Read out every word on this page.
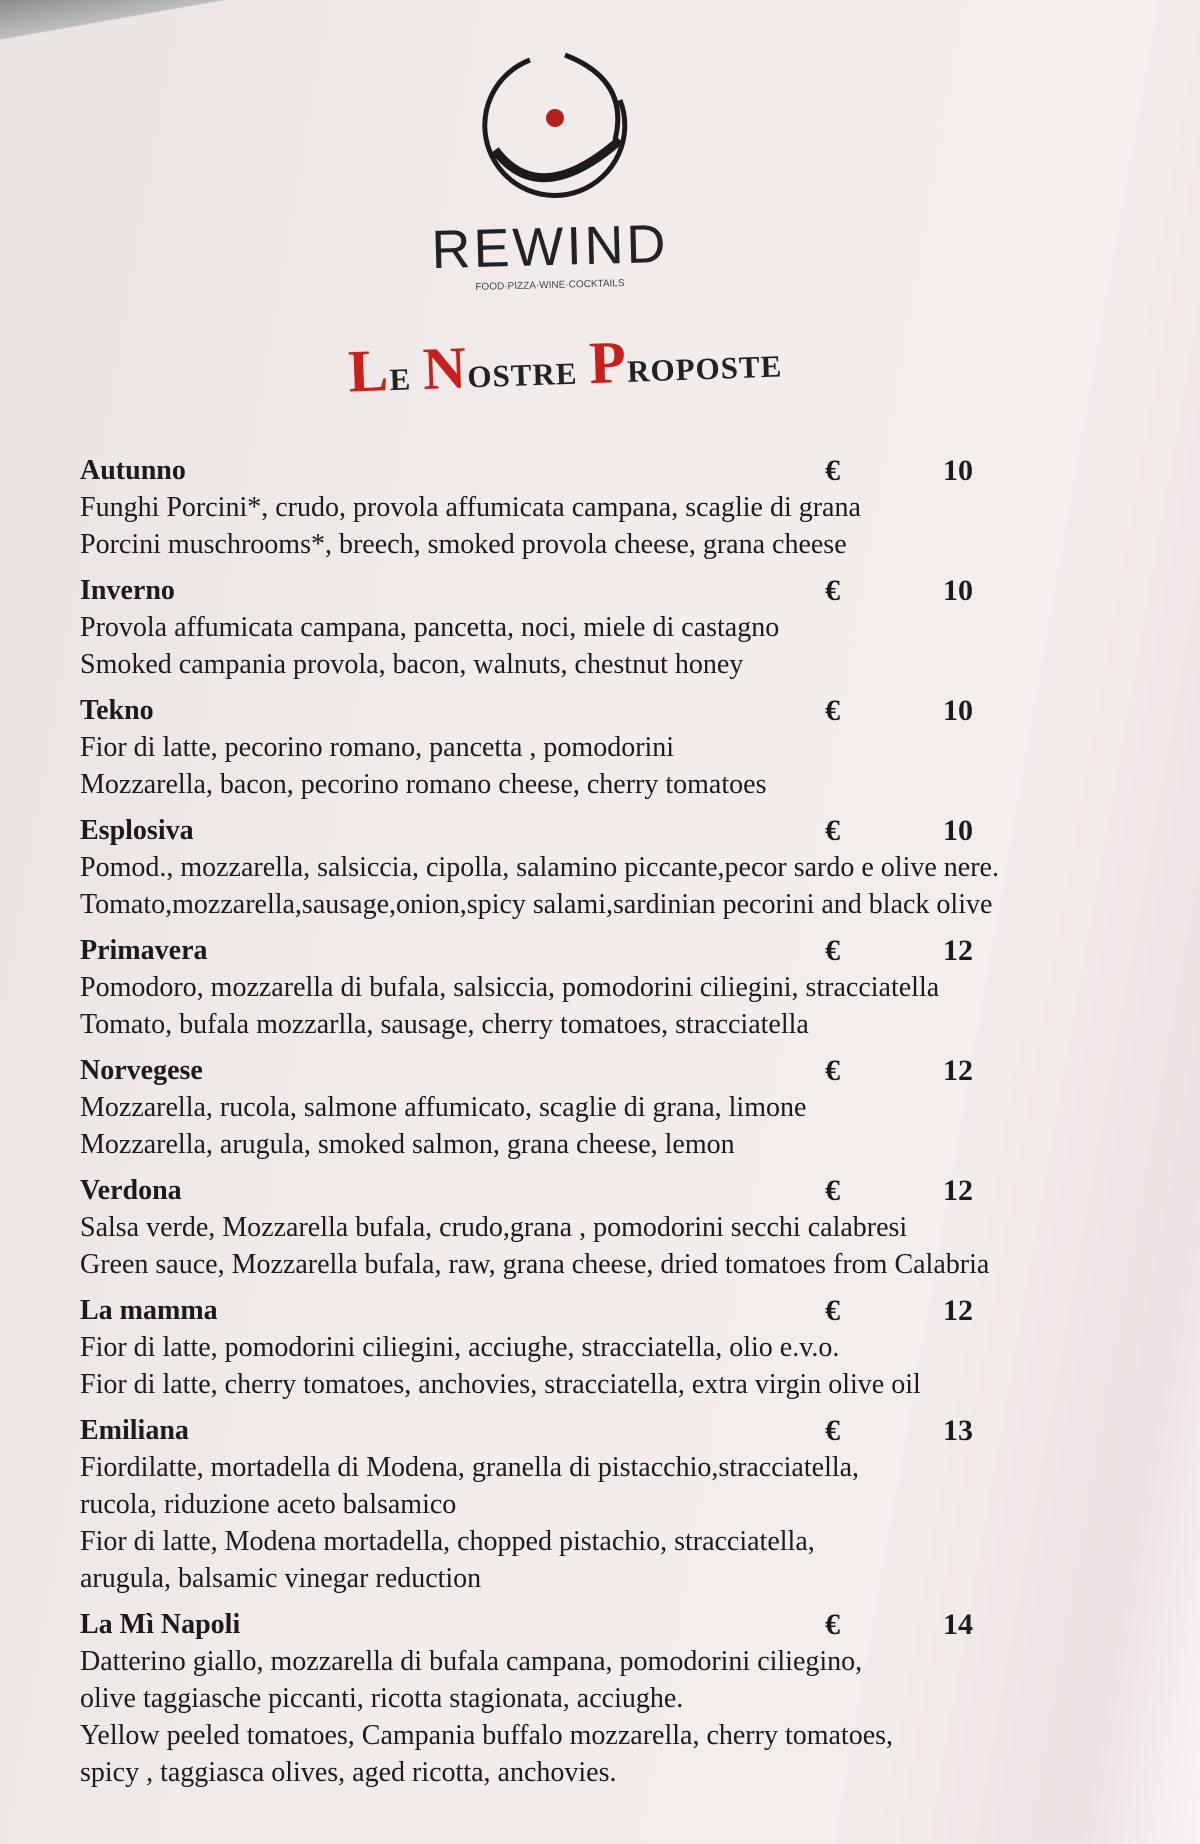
REWIND
FOOD·PIZZA·WINE·COCKTAILS
Le Nostre Proposte
Autunno	€	10
Funghi Porcini*, crudo, provola affumicata campana, scaglie di grana
Porcini muschrooms*, breech, smoked provola cheese, grana cheese
Inverno	€	10
Provola affumicata campana, pancetta, noci, miele di castagno
Smoked campania provola, bacon, walnuts, chestnut honey
Tekno	€	10
Fior di latte, pecorino romano, pancetta , pomodorini
Mozzarella, bacon, pecorino romano cheese, cherry tomatoes
Esplosiva	€	10
Pomod., mozzarella, salsiccia, cipolla, salamino piccante,pecor sardo e olive nere.
Tomato,mozzarella,sausage,onion,spicy salami,sardinian pecorini and black olive
Primavera	€	12
Pomodoro, mozzarella di bufala, salsiccia, pomodorini ciliegini, stracciatella
Tomato, bufala mozzarlla, sausage, cherry tomatoes, stracciatella
Norvegese	€	12
Mozzarella, rucola, salmone affumicato, scaglie di grana, limone
Mozzarella, arugula, smoked salmon, grana cheese, lemon
Verdona	€	12
Salsa verde, Mozzarella bufala, crudo,grana , pomodorini secchi calabresi
Green sauce, Mozzarella bufala, raw, grana cheese, dried tomatoes from Calabria
La mamma	€	12
Fior di latte, pomodorini ciliegini, acciughe, stracciatella, olio e.v.o.
Fior di latte, cherry tomatoes, anchovies, stracciatella, extra virgin olive oil
Emiliana	€	13
Fiordilatte, mortadella di Modena, granella di pistacchio,stracciatella,
rucola, riduzione aceto balsamico
Fior di latte, Modena mortadella, chopped pistachio, stracciatella,
arugula, balsamic vinegar reduction
La Mì Napoli	€	14
Datterino giallo, mozzarella di bufala campana, pomodorini ciliegino,
olive taggiasche piccanti, ricotta stagionata, acciughe.
Yellow peeled tomatoes, Campania buffalo mozzarella, cherry tomatoes,
spicy , taggiasca olives, aged ricotta, anchovies.
